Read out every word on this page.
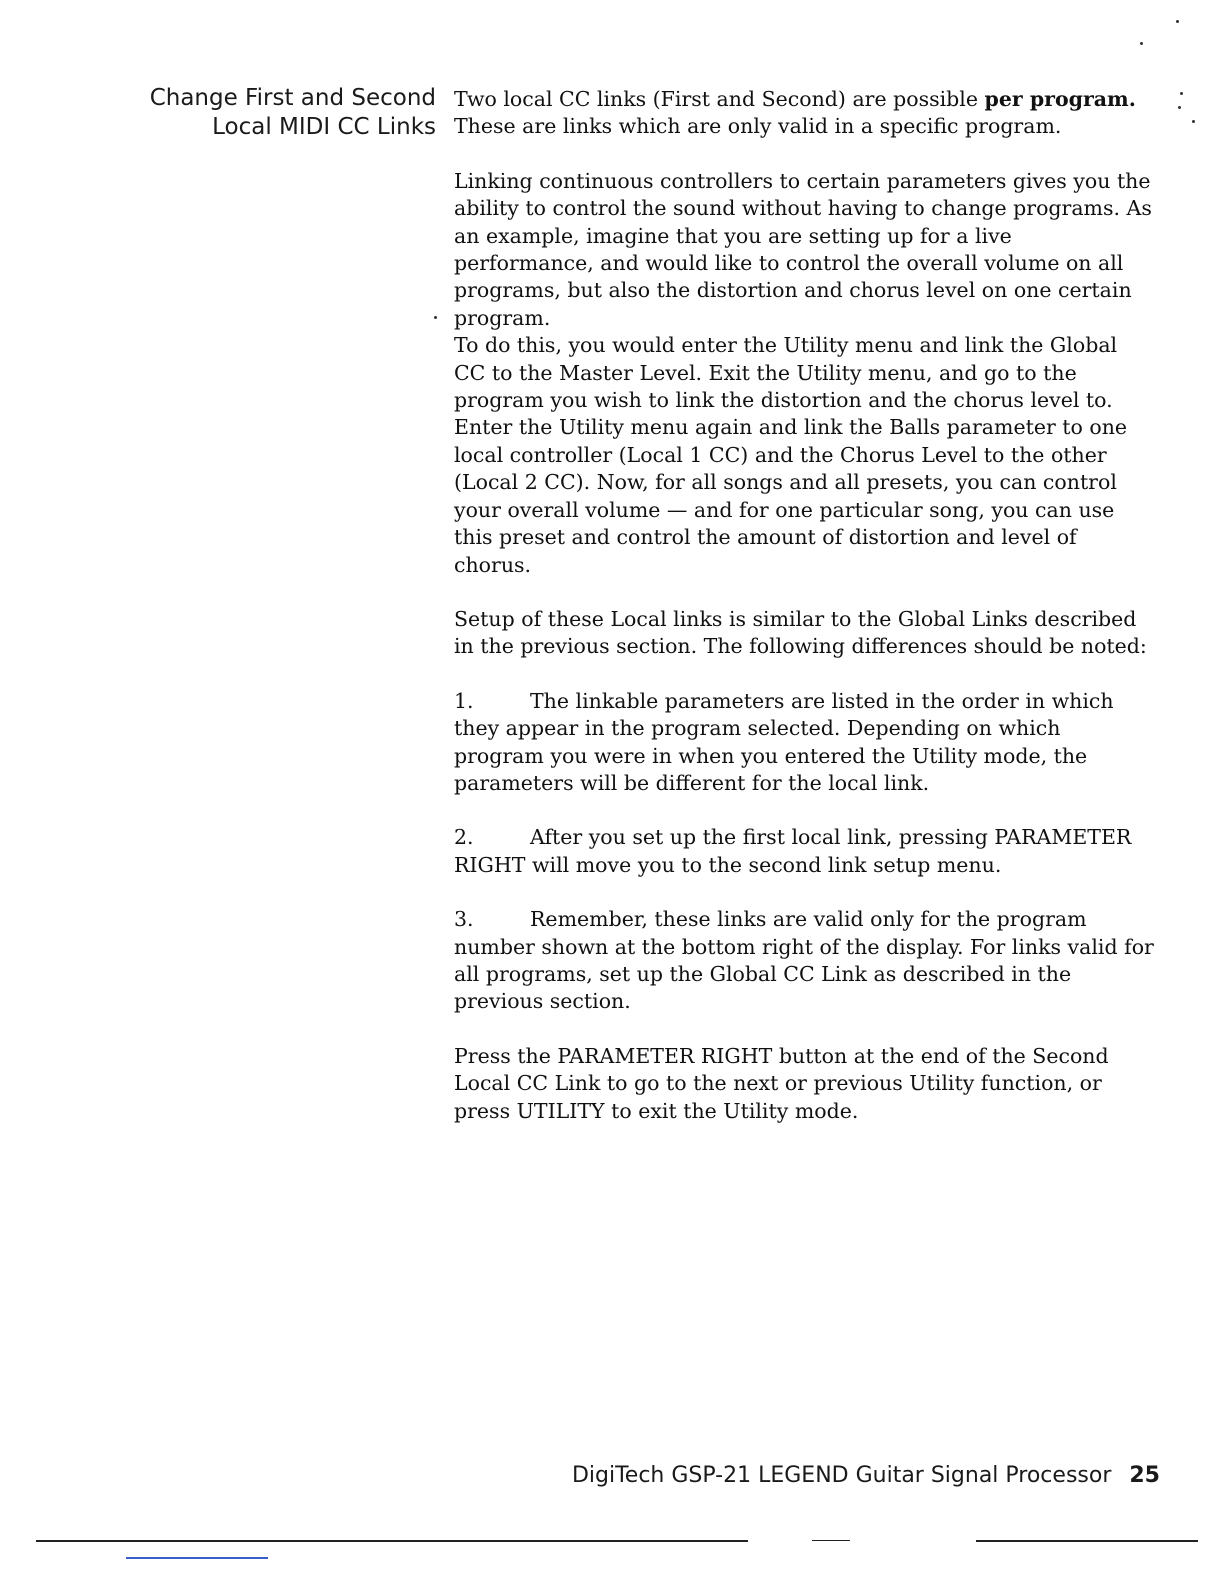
Change First and Second
Local MIDI CC Links

Two local CC links (First and Second) are possible per program.
These are links which are only valid in a specific program.

Linking continuous controllers to certain parameters gives you the ability to control the sound without having to change programs. As an example, imagine that you are setting up for a live performance, and would like to control the overall volume on all programs, but also the distortion and chorus level on one certain program.

To do this, you would enter the Utility menu and link the Global CC to the Master Level. Exit the Utility menu, and go to the program you wish to link the distortion and the chorus level to. Enter the Utility menu again and link the Balls parameter to one local controller (Local 1 CC) and the Chorus Level to the other (Local 2 CC). Now, for all songs and all presets, you can control your overall volume — and for one particular song, you can use this preset and control the amount of distortion and level of chorus.

Setup of these Local links is similar to the Global Links described in the previous section. The following differences should be noted:

1.	The linkable parameters are listed in the order in which they appear in the program selected. Depending on which program you were in when you entered the Utility mode, the parameters will be different for the local link.

2.	After you set up the first local link, pressing PARAMETER RIGHT will move you to the second link setup menu.

3.	Remember, these links are valid only for the program number shown at the bottom right of the display. For links valid for all programs, set up the Global CC Link as described in the previous section.

Press the PARAMETER RIGHT button at the end of the Second Local CC Link to go to the next or previous Utility function, or press UTILITY to exit the Utility mode.

DigiTech GSP-21 LEGEND Guitar Signal Processor 25
